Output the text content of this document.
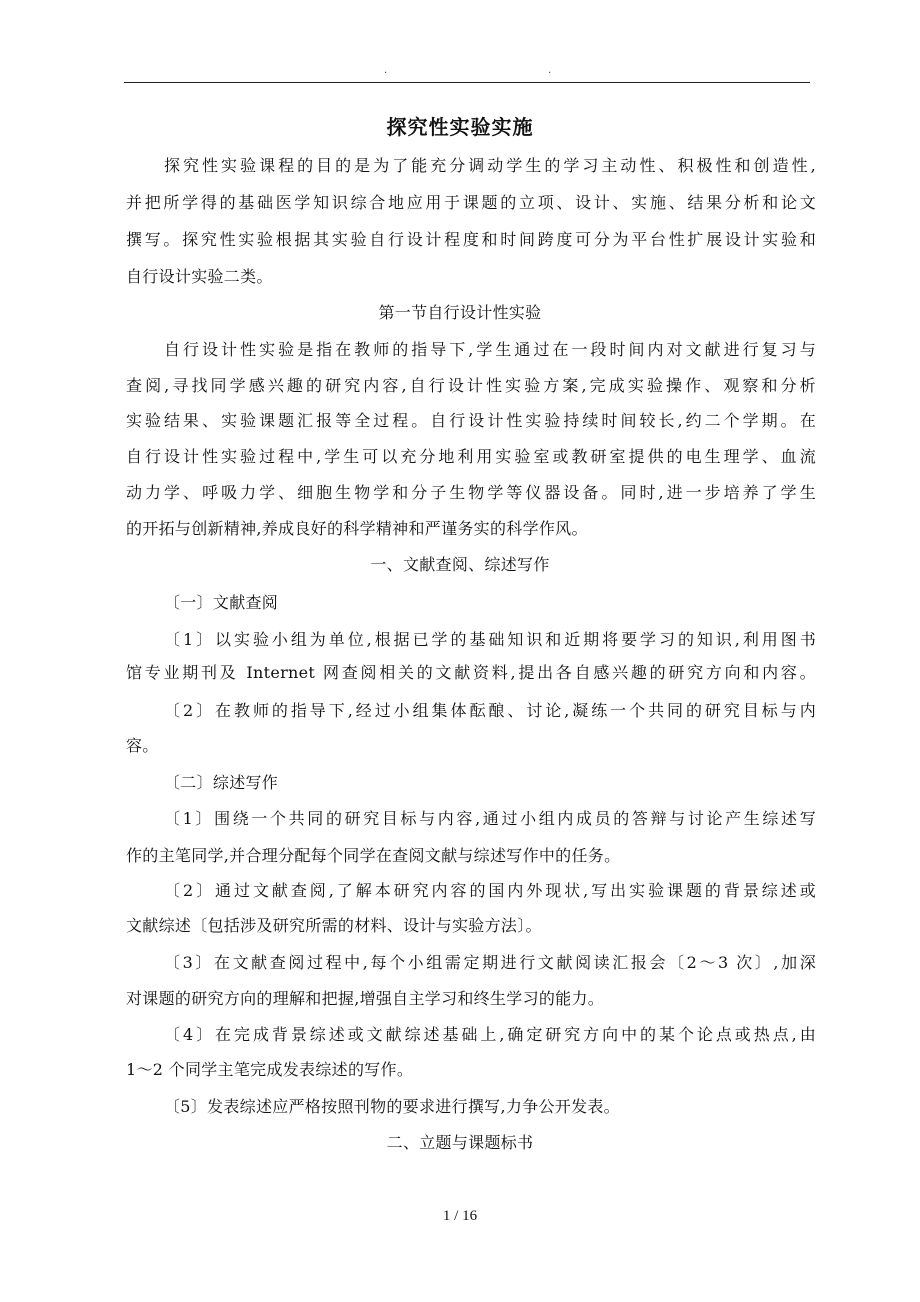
.	.
探究性实验实施
探究性实验课程的目的是为了能充分调动学生的学习主动性、积极性和创造性,
并把所学得的基础医学知识综合地应用于课题的立项、设计、实施、结果分析和论文
撰写。探究性实验根据其实验自行设计程度和时间跨度可分为平台性扩展设计实验和
自行设计实验二类。
第一节自行设计性实验
自行设计性实验是指在教师的指导下,学生通过在一段时间内对文献进行复习与
查阅,寻找同学感兴趣的研究内容,自行设计性实验方案,完成实验操作、观察和分析
实验结果、实验课题汇报等全过程。自行设计性实验持续时间较长,约二个学期。在
自行设计性实验过程中,学生可以充分地利用实验室或教研室提供的电生理学、血流
动力学、呼吸力学、细胞生物学和分子生物学等仪器设备。同时,进一步培养了学生
的开拓与创新精神,养成良好的科学精神和严谨务实的科学作风。
一、文献查阅、综述写作
〔一〕文献查阅
〔1〕以实验小组为单位,根据已学的基础知识和近期将要学习的知识,利用图书
馆专业期刊及 Internet 网查阅相关的文献资料,提出各自感兴趣的研究方向和内容。
〔2〕在教师的指导下,经过小组集体酝酿、讨论,凝练一个共同的研究目标与内
容。
〔二〕综述写作
〔1〕围绕一个共同的研究目标与内容,通过小组内成员的答辩与讨论产生综述写
作的主笔同学,并合理分配每个同学在查阅文献与综述写作中的任务。
〔2〕通过文献查阅,了解本研究内容的国内外现状,写出实验课题的背景综述或
文献综述〔包括涉及研究所需的材料、设计与实验方法〕。
〔3〕在文献查阅过程中,每个小组需定期进行文献阅读汇报会〔2～3 次〕,加深
对课题的研究方向的理解和把握,增强自主学习和终生学习的能力。
〔4〕在完成背景综述或文献综述基础上,确定研究方向中的某个论点或热点,由
1～2 个同学主笔完成发表综述的写作。
〔5〕发表综述应严格按照刊物的要求进行撰写,力争公开发表。
二、立题与课题标书
1 / 16
